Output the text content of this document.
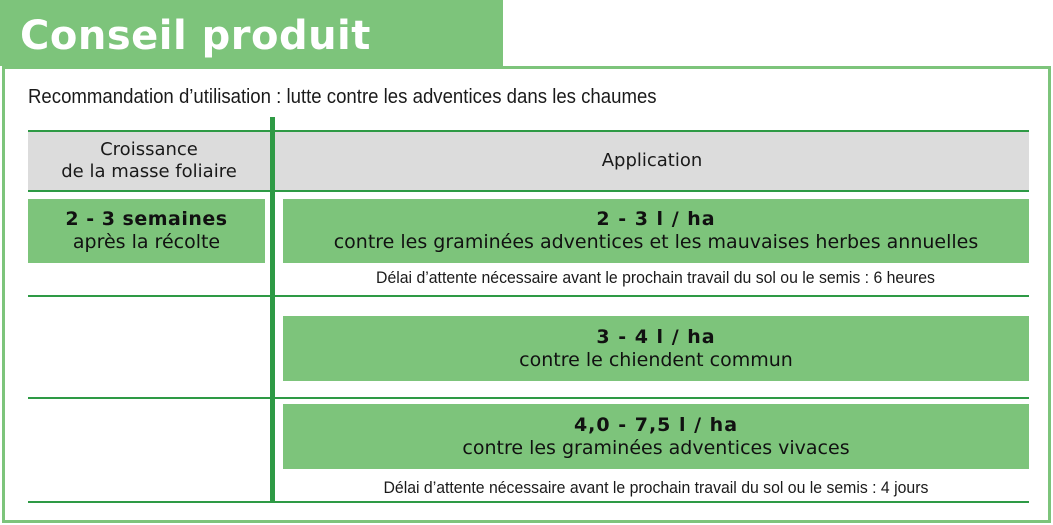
Conseil produit
Recommandation d’utilisation : lutte contre les adventices dans les chaumes
Croissance
de la masse foliaire
Application
2 - 3 semaines
après la récolte
2 - 3 l / ha
contre les graminées adventices et les mauvaises herbes annuelles
Délai d’attente nécessaire avant le prochain travail du sol ou le semis : 6 heures
3 - 4 l / ha
contre le chiendent commun
4,0 - 7,5 l / ha
contre les graminées adventices vivaces
Délai d’attente nécessaire avant le prochain travail du sol ou le semis : 4 jours
